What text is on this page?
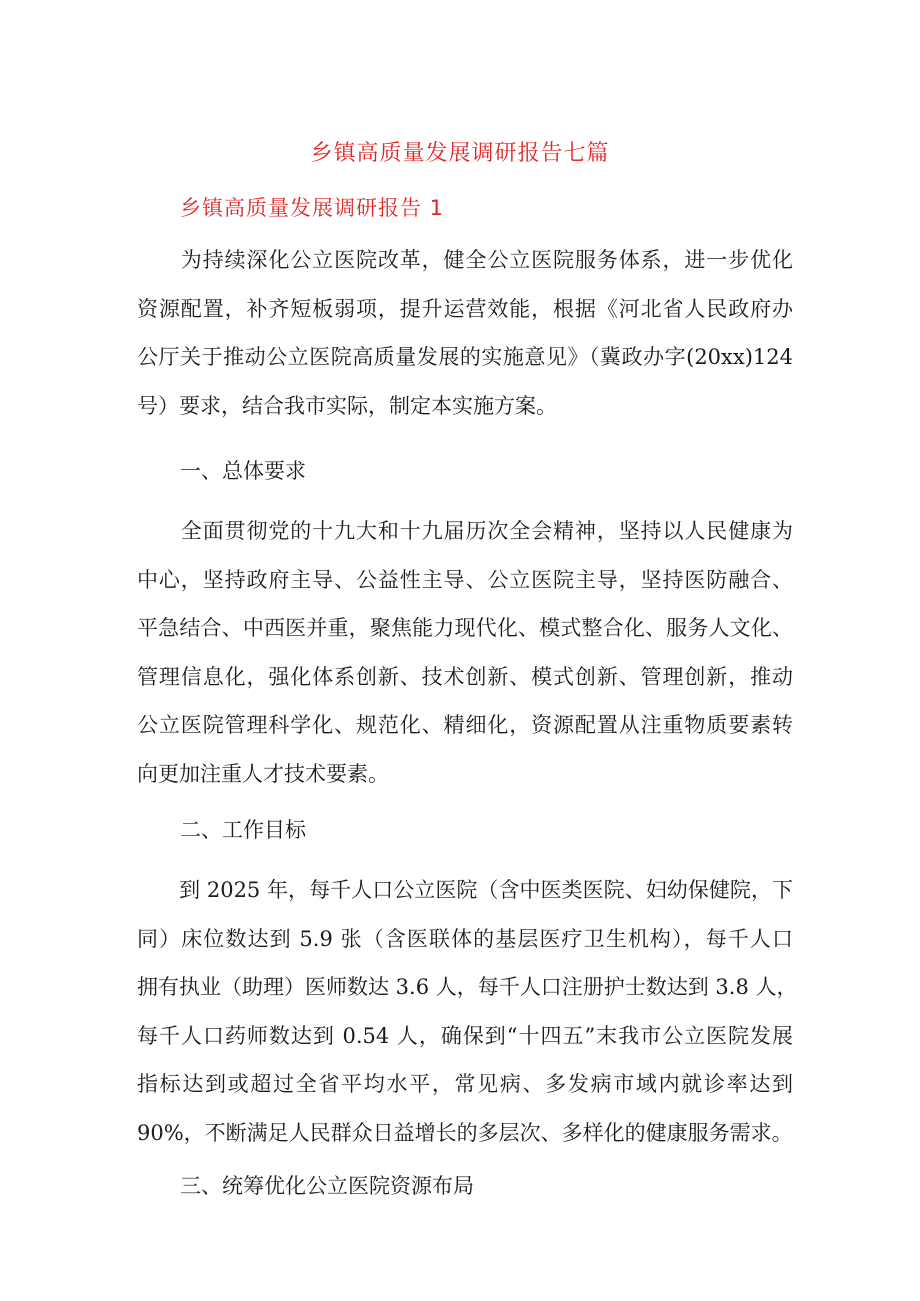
乡镇高质量发展调研报告七篇
乡镇高质量发展调研报告 1
　　为持续深化公立医院改革，健全公立医院服务体系，进一步优化
资源配置，补齐短板弱项，提升运营效能，根据《河北省人民政府办
公厅关于推动公立医院高质量发展的实施意见》（冀政办字(20xx)124
号）要求，结合我市实际，制定本实施方案。
一、总体要求
　　全面贯彻党的十九大和十九届历次全会精神，坚持以人民健康为
中心，坚持政府主导、公益性主导、公立医院主导，坚持医防融合、
平急结合、中西医并重，聚焦能力现代化、模式整合化、服务人文化、
管理信息化，强化体系创新、技术创新、模式创新、管理创新，推动
公立医院管理科学化、规范化、精细化，资源配置从注重物质要素转
向更加注重人才技术要素。
二、工作目标
　　到 2025 年，每千人口公立医院（含中医类医院、妇幼保健院，下
同）床位数达到 5.9 张（含医联体的基层医疗卫生机构），每千人口
拥有执业（助理）医师数达 3.6 人，每千人口注册护士数达到 3.8 人，
每千人口药师数达到 0.54 人，确保到“十四五”末我市公立医院发展
指标达到或超过全省平均水平，常见病、多发病市域内就诊率达到
90%，不断满足人民群众日益增长的多层次、多样化的健康服务需求。
三、统筹优化公立医院资源布局
